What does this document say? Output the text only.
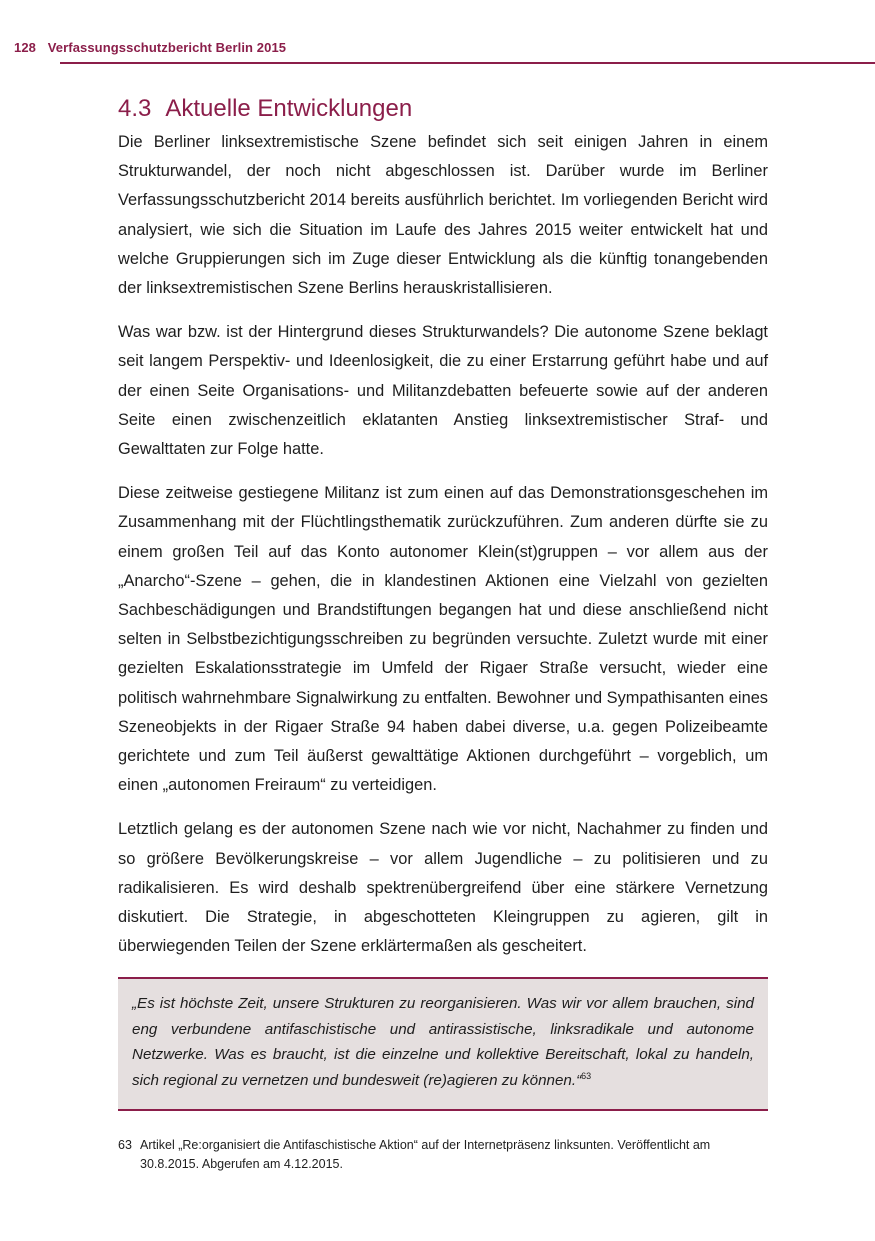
128 Verfassungsschutzbericht Berlin 2015
4.3 Aktuelle Entwicklungen

Die Berliner linksextremistische Szene befindet sich seit einigen Jahren in einem Strukturwandel, der noch nicht abgeschlossen ist. Darüber wurde im Berliner Verfassungsschutzbericht 2014 bereits ausführlich berichtet. Im vorliegenden Bericht wird analysiert, wie sich die Situation im Laufe des Jahres 2015 weiter entwickelt hat und welche Gruppierungen sich im Zuge dieser Entwicklung als die künftig tonangebenden der linksextremistischen Szene Berlins herauskristallisieren.

Was war bzw. ist der Hintergrund dieses Strukturwandels? Die autonome Szene beklagt seit langem Perspektiv- und Ideenlosigkeit, die zu einer Erstarrung geführt habe und auf der einen Seite Organisations- und Militanzdebatten befeuerte sowie auf der anderen Seite einen zwischenzeitlich eklatanten Anstieg linksextremistischer Straf- und Gewalttaten zur Folge hatte.

Diese zeitweise gestiegene Militanz ist zum einen auf das Demonstrationsgeschehen im Zusammenhang mit der Flüchtlingsthematik zurückzuführen. Zum anderen dürfte sie zu einem großen Teil auf das Konto autonomer Klein(st)gruppen – vor allem aus der „Anarcho“-Szene – gehen, die in klandestinen Aktionen eine Vielzahl von gezielten Sachbeschädigungen und Brandstiftungen begangen hat und diese anschließend nicht selten in Selbstbezichtigungsschreiben zu begründen versuchte. Zuletzt wurde mit einer gezielten Eskalationsstrategie im Umfeld der Rigaer Straße versucht, wieder eine politisch wahrnehmbare Signalwirkung zu entfalten. Bewohner und Sympathisanten eines Szeneobjekts in der Rigaer Straße 94 haben dabei diverse, u.a. gegen Polizeibeamte gerichtete und zum Teil äußerst gewalttätige Aktionen durchgeführt – vorgeblich, um einen „autonomen Freiraum“ zu verteidigen.

Letztlich gelang es der autonomen Szene nach wie vor nicht, Nachahmer zu finden und so größere Bevölkerungskreise – vor allem Jugendliche – zu politisieren und zu radikalisieren. Es wird deshalb spektrenübergreifend über eine stärkere Vernetzung diskutiert. Die Strategie, in abgeschotteten Kleingruppen zu agieren, gilt in überwiegenden Teilen der Szene erklärtermaßen als gescheitert.

„Es ist höchste Zeit, unsere Strukturen zu reorganisieren. Was wir vor allem brauchen, sind eng verbundene antifaschistische und antirassistische, linksradikale und autonome Netzwerke. Was es braucht, ist die einzelne und kollektive Bereitschaft, lokal zu handeln, sich regional zu vernetzen und bundesweit (re)agieren zu können.“$^{63}$

63 Artikel „Re:organisiert die Antifaschistische Aktion“ auf der Internetpräsenz linksunten. Veröffentlicht am 30.8.2015. Abgerufen am 4.12.2015.
